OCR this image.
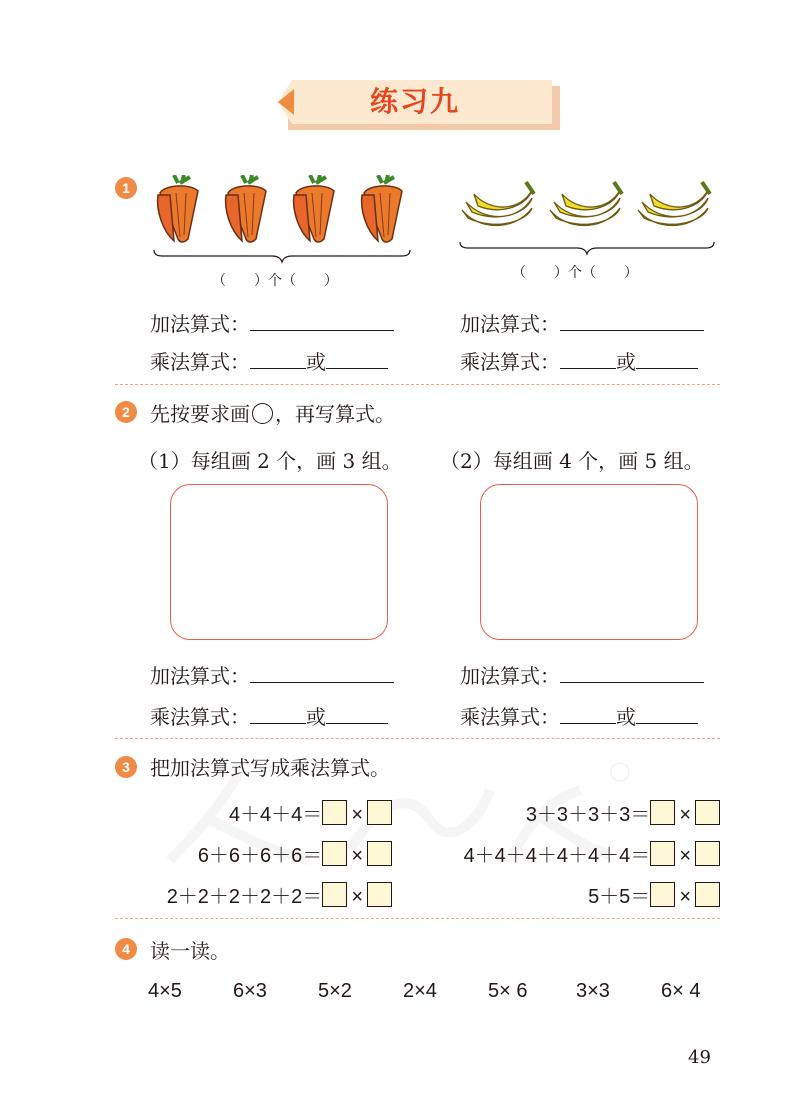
练习九
1
（　　）个（　　）	（　　）个（　　）
加法算式：
乘法算式：	或
加法算式：
乘法算式：	或
2	先按要求画 ，再写算式。
（1）每组画 2 个，画 3 组。 （2）每组画 4 个，画 5 组。
加法算式：
乘法算式：	或
加法算式：
乘法算式：	或
3	把加法算式写成乘法算式。
4＋4＋4＝ ×
6＋6＋6＋6＝ ×
2＋2＋2＋2＋2＝ ×
3＋3＋3＋3＝ ×
4＋4＋4＋4＋4＋4＝ ×
5＋5＝ ×
4	读一读。
4×5	6×3	5×2	2×4	5× 6 3×3	6× 4
49
